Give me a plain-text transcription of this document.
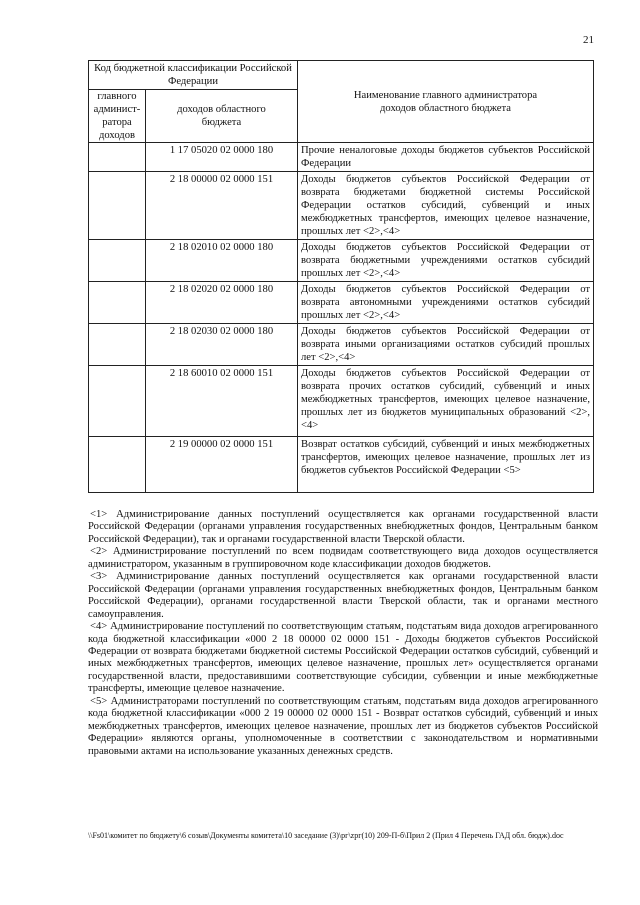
21
Код бюджетной классификации Российской Федерации		Наименование главного администратора доходов областного бюджета
главного админист-ратора доходов	доходов областного бюджета	
	1 17 05020 02 0000 180	Прочие неналоговые доходы бюджетов субъектов Российской Федерации
	2 18 00000 02 0000 151	Доходы бюджетов субъектов Российской Федерации от возврата бюджетами бюджетной системы Российской Федерации остатков субсидий, субвенций и иных межбюджетных трансфертов, имеющих целевое назначение, прошлых лет <2>,<4>
	2 18 02010 02 0000 180	Доходы бюджетов субъектов Российской Федерации от возврата бюджетными учреждениями остатков субсидий прошлых лет <2>,<4>
	2 18 02020 02 0000 180	Доходы бюджетов субъектов Российской Федерации от возврата автономными учреждениями остатков субсидий прошлых лет <2>,<4>
	2 18 02030 02 0000 180	Доходы бюджетов субъектов Российской Федерации от возврата иными организациями остатков субсидий прошлых лет <2>,<4>
	2 18 60010 02 0000 151	Доходы бюджетов субъектов Российской Федерации от возврата прочих остатков субсидий, субвенций и иных межбюджетных трансфертов, имеющих целевое назначение, прошлых лет из бюджетов муниципальных образований <2>,<4>
	2 19 00000 02 0000 151	Возврат остатков субсидий, субвенций и иных межбюджетных трансфертов, имеющих целевое назначение, прошлых лет из бюджетов субъектов Российской Федерации <5>

<1> Администрирование данных поступлений осуществляется как органами государственной власти Российской Федерации (органами управления государственных внебюджетных фондов, Центральным банком Российской Федерации), так и органами государственной власти Тверской области.

<2> Администрирование поступлений по всем подвидам соответствующего вида доходов осуществляется администратором, указанным в группировочном коде классификации доходов бюджетов.

<3> Администрирование данных поступлений осуществляется как органами государственной власти Российской Федерации (органами управления государственных внебюджетных фондов, Центральным банком Российской Федерации), органами государственной власти Тверской области, так и органами местного самоуправления.

<4> Администрирование поступлений по соответствующим статьям, подстатьям вида доходов агрегированного кода бюджетной классификации «000 2 18 00000 02 0000 151 - Доходы бюджетов субъектов Российской Федерации от возврата бюджетами бюджетной системы Российской Федерации остатков субсидий, субвенций и иных межбюджетных трансфертов, имеющих целевое назначение, прошлых лет» осуществляется органами государственной власти, предоставившими соответствующие субсидии, субвенции и иные межбюджетные трансферты, имеющие целевое назначение.

<5> Администраторами поступлений по соответствующим статьям, подстатьям вида доходов агрегированного кода бюджетной классификации «000 2 19 00000 02 0000 151 - Возврат остатков субсидий, субвенций и иных межбюджетных трансфертов, имеющих целевое назначение, прошлых лет из бюджетов субъектов Российской Федерации» являются органы, уполномоченные в соответствии с законодательством и нормативными правовыми актами на использование указанных денежных средств.

\\Fs01\комитет по бюджету\6 созыв\Документы комитета\10 заседание (3)\рг\zрг(10) 209-П-б\Прил 2 (Прил 4 Перечень ГАД обл. бюдж).doc
